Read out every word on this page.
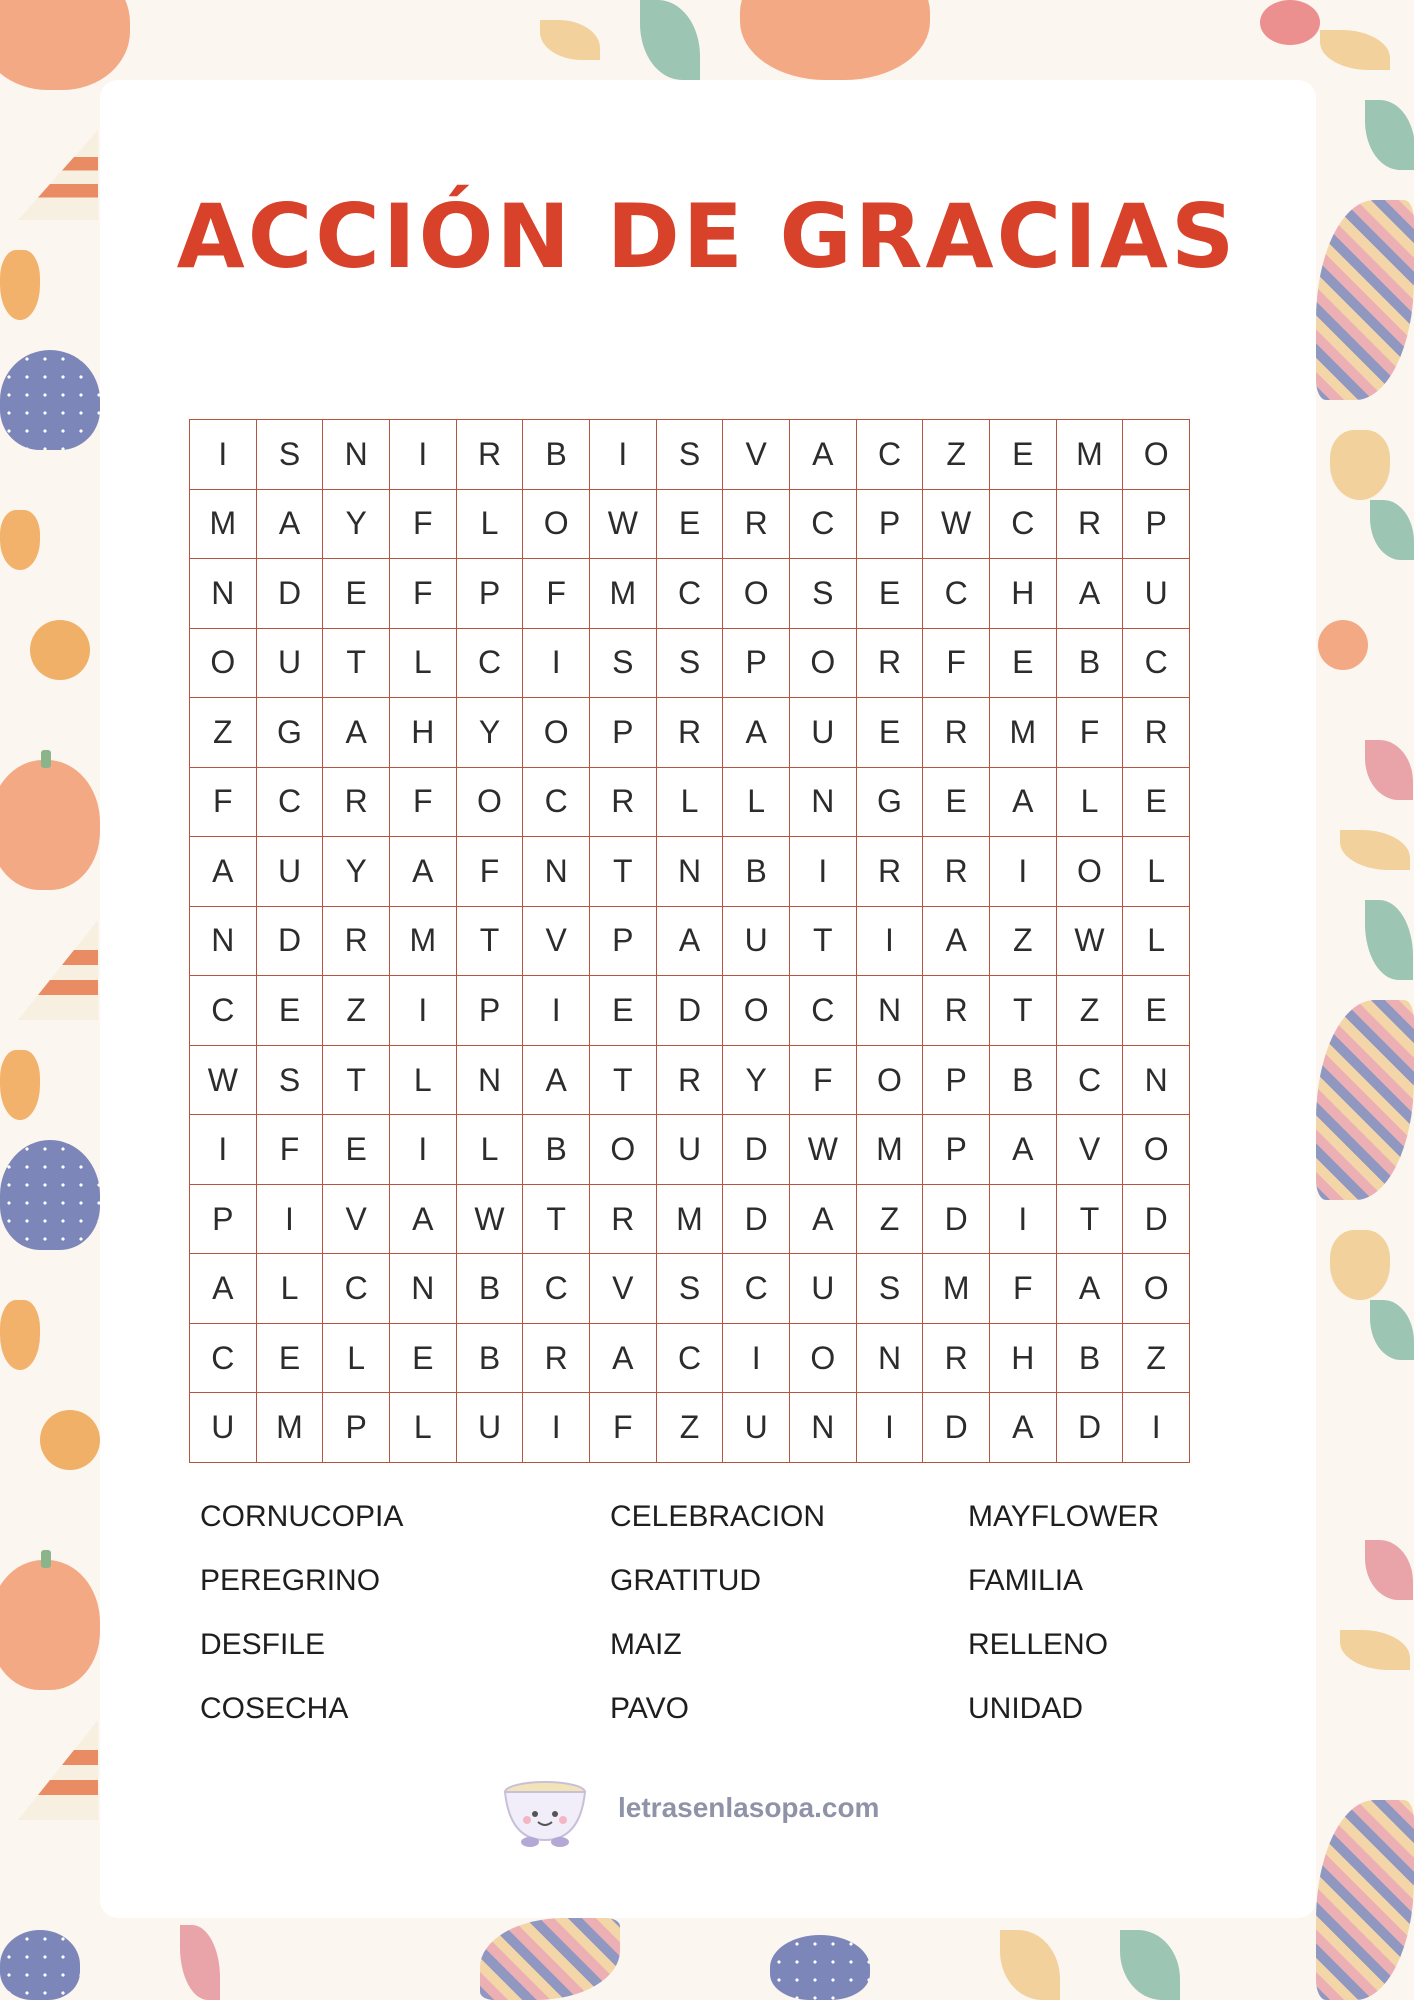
ACCIÓN DE GRACIAS
I	S	N	I	R	B	I	S	V	A	C	Z	E	M	O
M	A	Y	F	L	O	W	E	R	C	P	W	C	R	P
N	D	E	F	P	F	M	C	O	S	E	C	H	A	U
O	U	T	L	C	I	S	S	P	O	R	F	E	B	C
Z	G	A	H	Y	O	P	R	A	U	E	R	M	F	R
F	C	R	F	O	C	R	L	L	N	G	E	A	L	E
A	U	Y	A	F	N	T	N	B	I	R	R	I	O	L
N	D	R	M	T	V	P	A	U	T	I	A	Z	W	L
C	E	Z	I	P	I	E	D	O	C	N	R	T	Z	E
W	S	T	L	N	A	T	R	Y	F	O	P	B	C	N
I	F	E	I	L	B	O	U	D	W	M	P	A	V	O
P	I	V	A	W	T	R	M	D	A	Z	D	I	T	D
A	L	C	N	B	C	V	S	C	U	S	M	F	A	O
C	E	L	E	B	R	A	C	I	O	N	R	H	B	Z
U	M	P	L	U	I	F	Z	U	N	I	D	A	D	I
CORNUCOPIA	CELEBRACION	MAYFLOWER
PEREGRINO	GRATITUD	FAMILIA
DESFILE	MAIZ	RELLENO
COSECHA	PAVO	UNIDAD
letrasenlasopa.com
